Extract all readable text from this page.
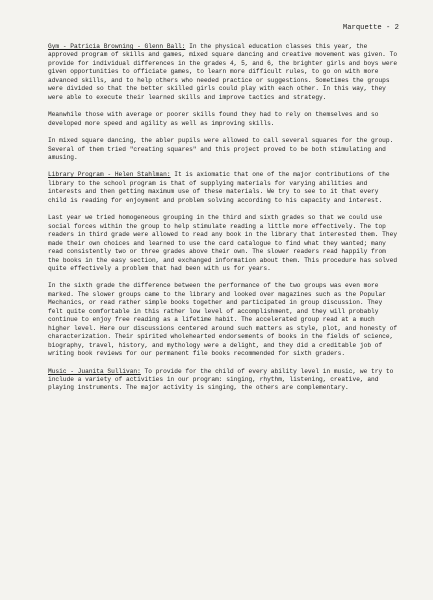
Marquette - 2

Gym - Patricia Browning - Glenn Ball: In the physical education classes this year, the approved program of skills and games, mixed square dancing and creative movement was given. To provide for individual differences in the grades 4, 5, and 6, the brighter girls and boys were given opportunities to officiate games, to learn more difficult rules, to go on with more advanced skills, and to help others who needed practice or suggestions. Sometimes the groups were divided so that the better skilled girls could play with each other. In this way, they were able to execute their learned skills and improve tactics and strategy.

Meanwhile those with average or poorer skills found they had to rely on themselves and so developed more speed and agility as well as improving skills.

In mixed square dancing, the abler pupils were allowed to call several squares for the group. Several of them tried "creating squares" and this project proved to be both stimulating and amusing.

Library Program - Helen Stahlman: It is axiomatic that one of the major contributions of the library to the school program is that of supplying materials for varying abilities and interests and then getting maximum use of these materials. We try to see to it that every child is reading for enjoyment and problem solving according to his capacity and interest.

Last year we tried homogeneous grouping in the third and sixth grades so that we could use social forces within the group to help stimulate reading a little more effectively. The top readers in third grade were allowed to read any book in the library that interested them. They made their own choices and learned to use the card catalogue to find what they wanted; many read consistently two or three grades above their own. The slower readers read happily from the books in the easy section, and exchanged information about them. This procedure has solved quite effectively a problem that had been with us for years.

In the sixth grade the difference between the performance of the two groups was even more marked. The slower groups came to the library and looked over magazines such as the Popular Mechanics, or read rather simple books together and participated in group discussion. They felt quite comfortable in this rather low level of accomplishment, and they will probably continue to enjoy free reading as a lifetime habit. The accelerated group read at a much higher level. Here our discussions centered around such matters as style, plot, and honesty of characterization. Their spirited wholehearted endorsements of books in the fields of science, biography, travel, history, and mythology were a delight, and they did a creditable job of writing book reviews for our permanent file books recommended for sixth graders.

Music - Juanita Sullivan: To provide for the child of every ability level in music, we try to include a variety of activities in our program: singing, rhythm, listening, creative, and playing instruments. The major activity is singing, the others are complementary.
